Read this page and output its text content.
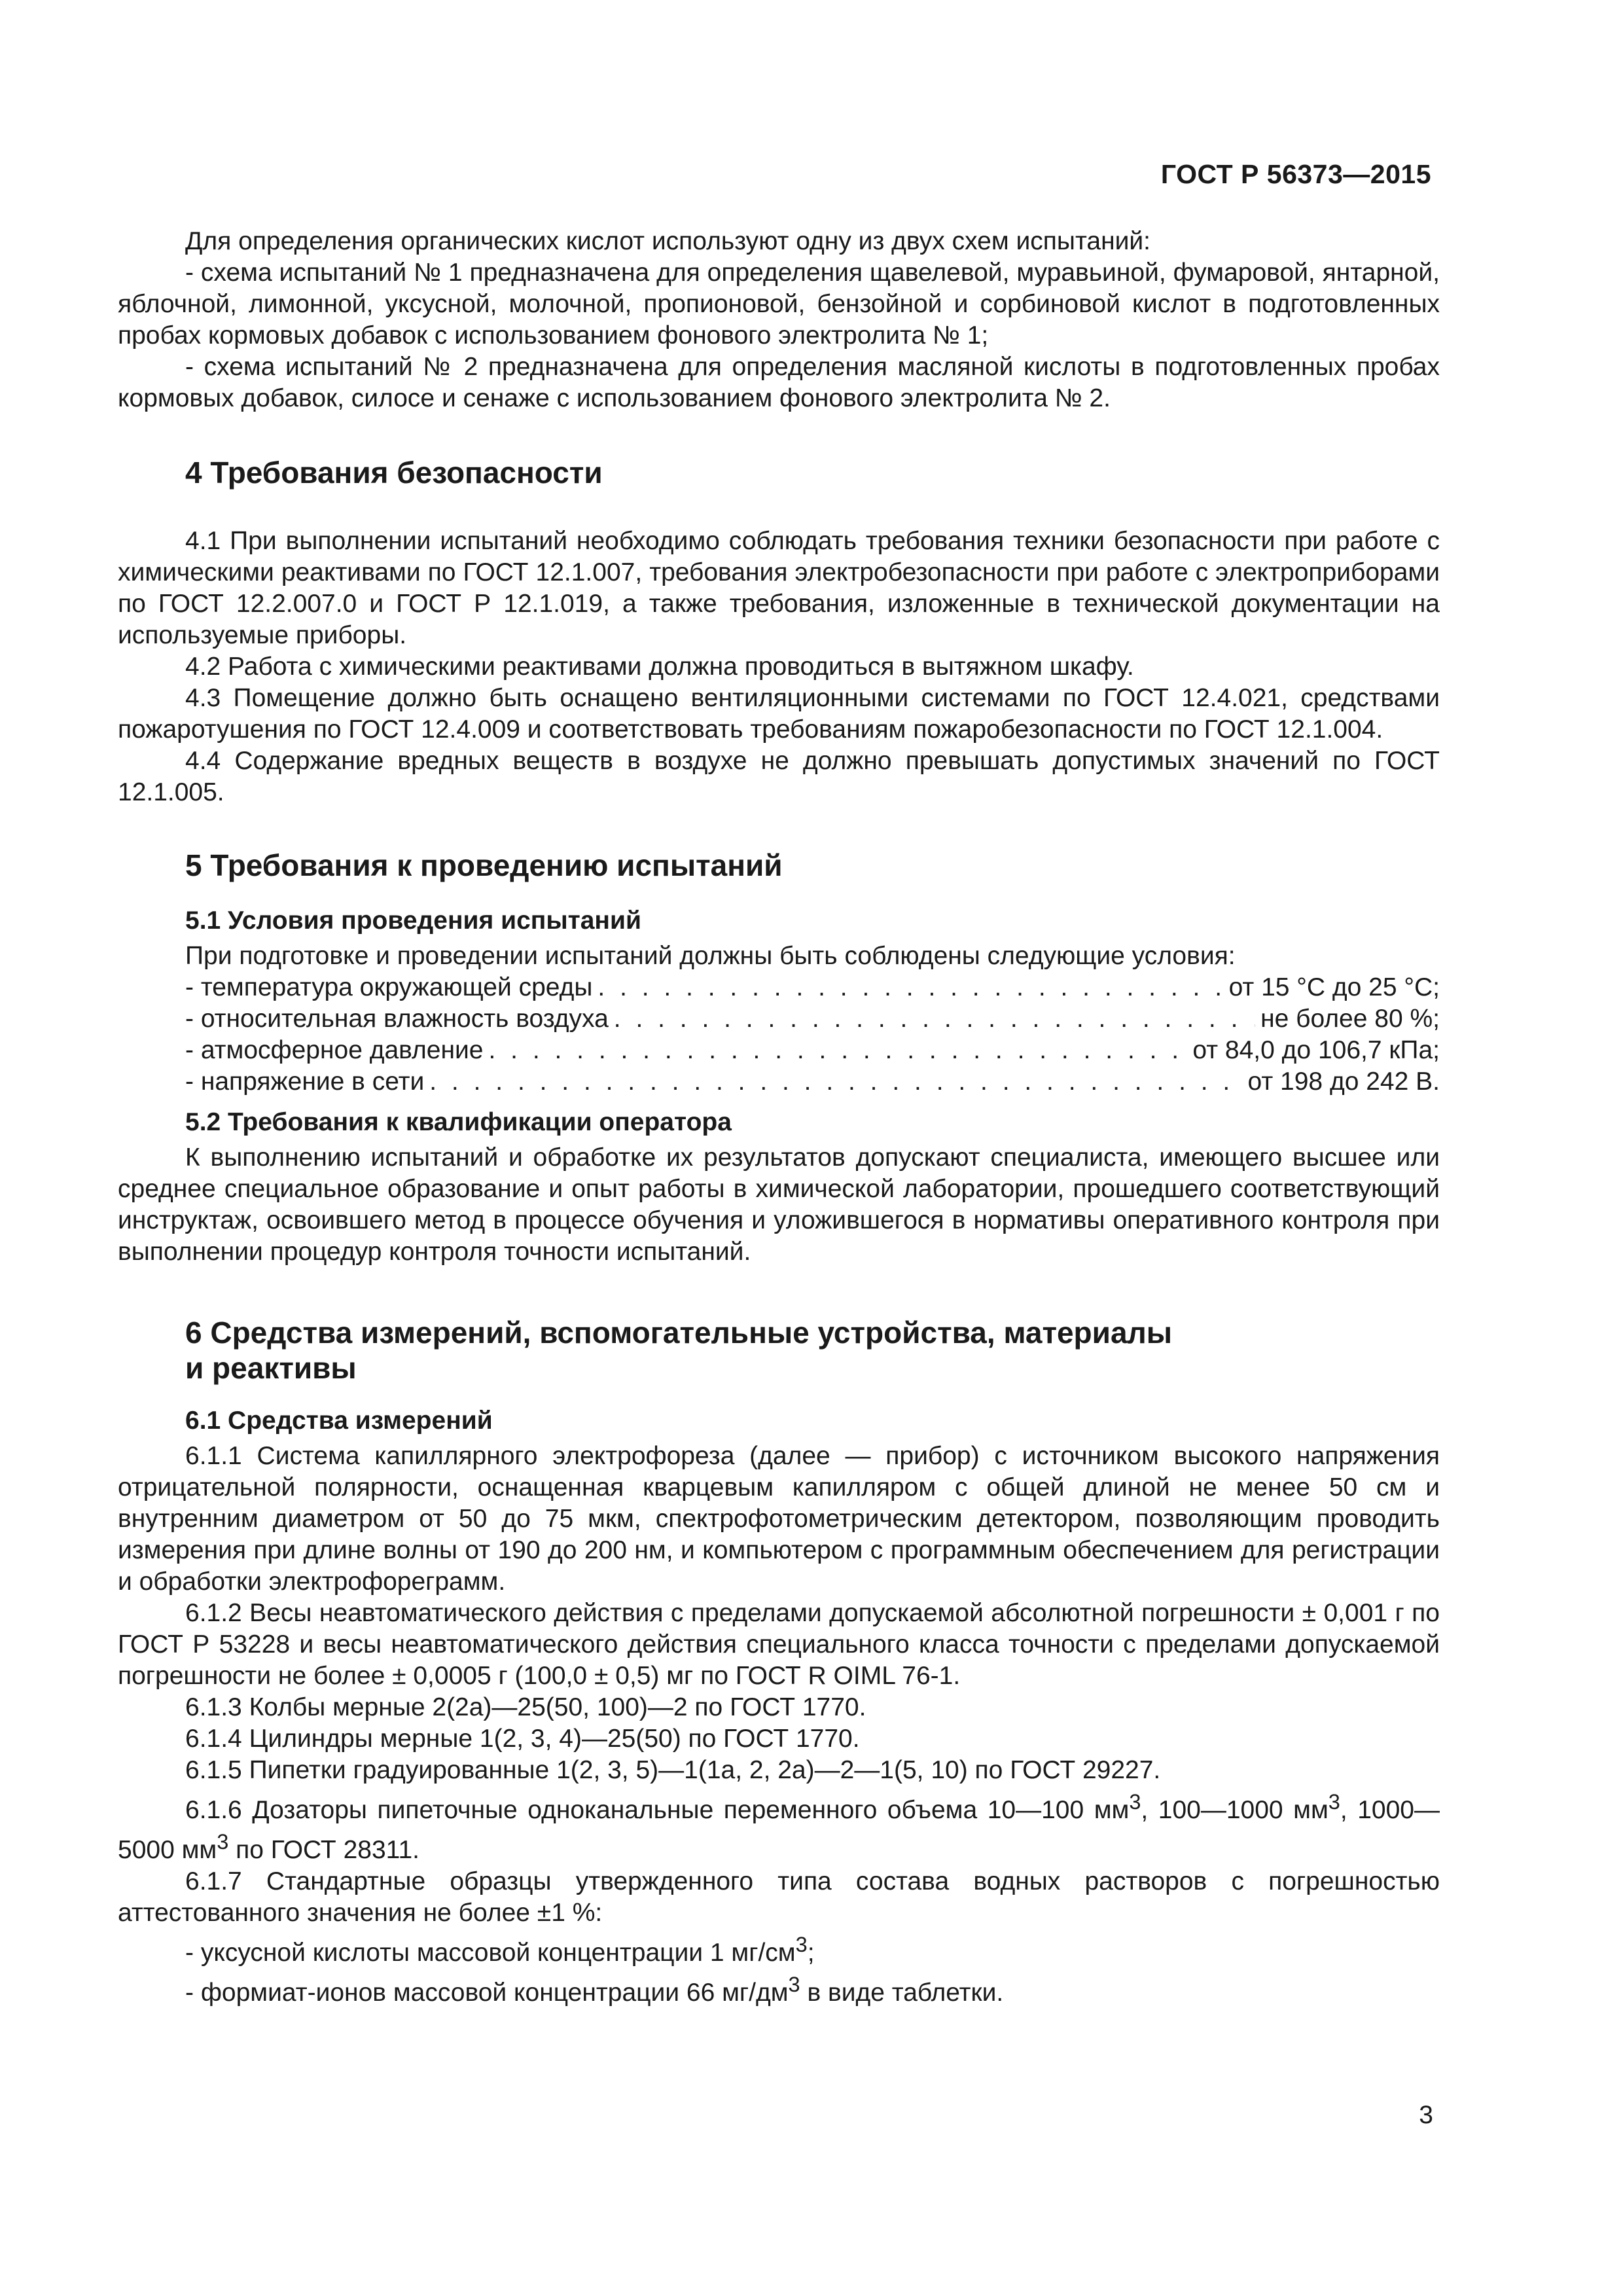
ГОСТ Р 56373—2015

Для определения органических кислот используют одну из двух схем испытаний:

- схема испытаний № 1 предназначена для определения щавелевой, муравьиной, фумаровой, янтарной, яблочной, лимонной, уксусной, молочной, пропионовой, бензойной и сорбиновой кислот в подготовленных пробах кормовых добавок с использованием фонового электролита № 1;

- схема испытаний № 2 предназначена для определения масляной кислоты в подготовленных пробах кормовых добавок, силосе и сенаже с использованием фонового электролита № 2.

4 Требования безопасности

4.1 При выполнении испытаний необходимо соблюдать требования техники безопасности при работе с химическими реактивами по ГОСТ 12.1.007, требования электробезопасности при работе с электроприборами по ГОСТ 12.2.007.0 и ГОСТ Р 12.1.019, а также требования, изложенные в технической документации на используемые приборы.

4.2 Работа с химическими реактивами должна проводиться в вытяжном шкафу.

4.3 Помещение должно быть оснащено вентиляционными системами по ГОСТ 12.4.021, средствами пожаротушения по ГОСТ 12.4.009 и соответствовать требованиям пожаробезопасности по ГОСТ 12.1.004.

4.4 Содержание вредных веществ в воздухе не должно превышать допустимых значений по ГОСТ 12.1.005.

5 Требования к проведению испытаний
5.1 Условия проведения испытаний

При подготовке и проведении испытаний должны быть соблюдены следующие условия:

- температура окружающей среды . . .	от 15 °С до 25 °С;
- относительная влажность воздуха . . .	не более 80 %;
- атмосферное давление . . .	от 84,0 до 106,7 кПа;
- напряжение в сети . . .	от 198 до 242 В.
5.2 Требования к квалификации оператора

К выполнению испытаний и обработке их результатов допускают специалиста, имеющего высшее или среднее специальное образование и опыт работы в химической лаборатории, прошедшего соответствующий инструктаж, освоившего метод в процессе обучения и уложившегося в нормативы оперативного контроля при выполнении процедур контроля точности испытаний.

6 Средства измерений, вспомогательные устройства, материалы
и реактивы
6.1 Средства измерений

6.1.1 Система капиллярного электрофореза (далее — прибор) с источником высокого напряжения отрицательной полярности, оснащенная кварцевым капилляром с общей длиной не менее 50 см и внутренним диаметром от 50 до 75 мкм, спектрофотометрическим детектором, позволяющим проводить измерения при длине волны от 190 до 200 нм, и компьютером с программным обеспечением для регистрации и обработки электрофореграмм.

6.1.2 Весы неавтоматического действия с пределами допускаемой абсолютной погрешности ± 0,001 г по ГОСТ Р 53228 и весы неавтоматического действия специального класса точности с пределами допускаемой погрешности не более ± 0,0005 г (100,0 ± 0,5) мг по ГОСТ R OIML 76-1.

6.1.3 Колбы мерные 2(2а)—25(50, 100)—2 по ГОСТ 1770.

6.1.4 Цилиндры мерные 1(2, 3, 4)—25(50) по ГОСТ 1770.

6.1.5 Пипетки градуированные 1(2, 3, 5)—1(1а, 2, 2а)—2—1(5, 10) по ГОСТ 29227.

6.1.6 Дозаторы пипеточные одноканальные переменного объема 10—100 $мм^3$, 100—1000 $мм^3$, 1000—5000 $мм^3$ по ГОСТ 28311.

6.1.7 Стандартные образцы утвержденного типа состава водных растворов с погрешностью аттестованного значения не более ±1 %:

- уксусной кислоты массовой концентрации 1 $мг/см^3$;

- формиат-ионов массовой концентрации 66 $мг/дм^3$ в виде таблетки.

3
